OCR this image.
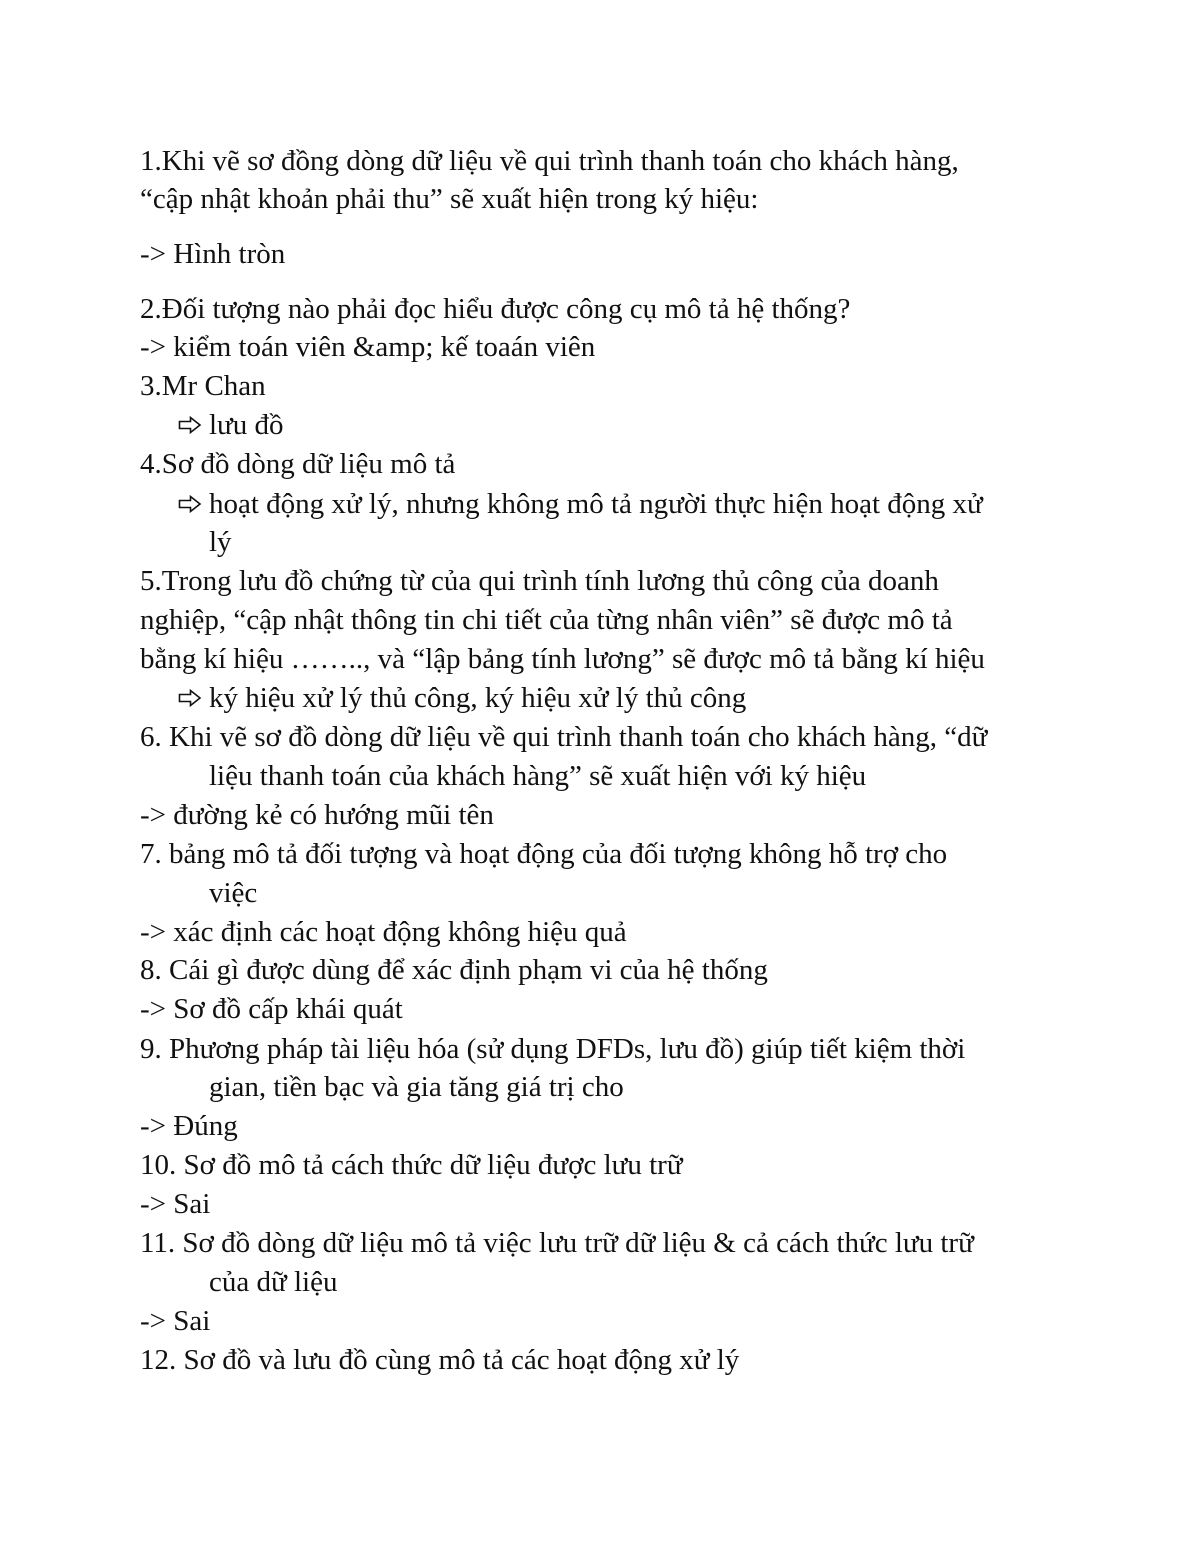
1.Khi vẽ sơ đồng dòng dữ liệu về qui trình thanh toán cho khách hàng,
“cập nhật khoản phải thu” sẽ xuất hiện trong ký hiệu:
-> Hình tròn
2.Đối tượng nào phải đọc hiểu được công cụ mô tả hệ thống?
-> kiểm toán viên &amp; kế toaán viên
3.Mr Chan
lưu đồ
4.Sơ đồ dòng dữ liệu mô tả
hoạt động xử lý, nhưng không mô tả người thực hiện hoạt động xử
lý
5.Trong lưu đồ chứng từ của qui trình tính lương thủ công của doanh
nghiệp, “cập nhật thông tin chi tiết của từng nhân viên” sẽ được mô tả
bằng kí hiệu …….., và “lập bảng tính lương” sẽ được mô tả bằng kí hiệu
ký hiệu xử lý thủ công, ký hiệu xử lý thủ công
6. Khi vẽ sơ đồ dòng dữ liệu về qui trình thanh toán cho khách hàng, “dữ
liệu thanh toán của khách hàng” sẽ xuất hiện với ký hiệu
-> đường kẻ có hướng mũi tên
7. bảng mô tả đối tượng và hoạt động của đối tượng không hỗ trợ cho
việc
-> xác định các hoạt động không hiệu quả
8. Cái gì được dùng để xác định phạm vi của hệ thống
-> Sơ đồ cấp khái quát
9. Phương pháp tài liệu hóa (sử dụng DFDs, lưu đồ) giúp tiết kiệm thời
gian, tiền bạc và gia tăng giá trị cho
-> Đúng
10. Sơ đồ mô tả cách thức dữ liệu được lưu trữ
-> Sai
11. Sơ đồ dòng dữ liệu mô tả việc lưu trữ dữ liệu & cả cách thức lưu trữ
của dữ liệu
-> Sai
12. Sơ đồ và lưu đồ cùng mô tả các hoạt động xử lý
